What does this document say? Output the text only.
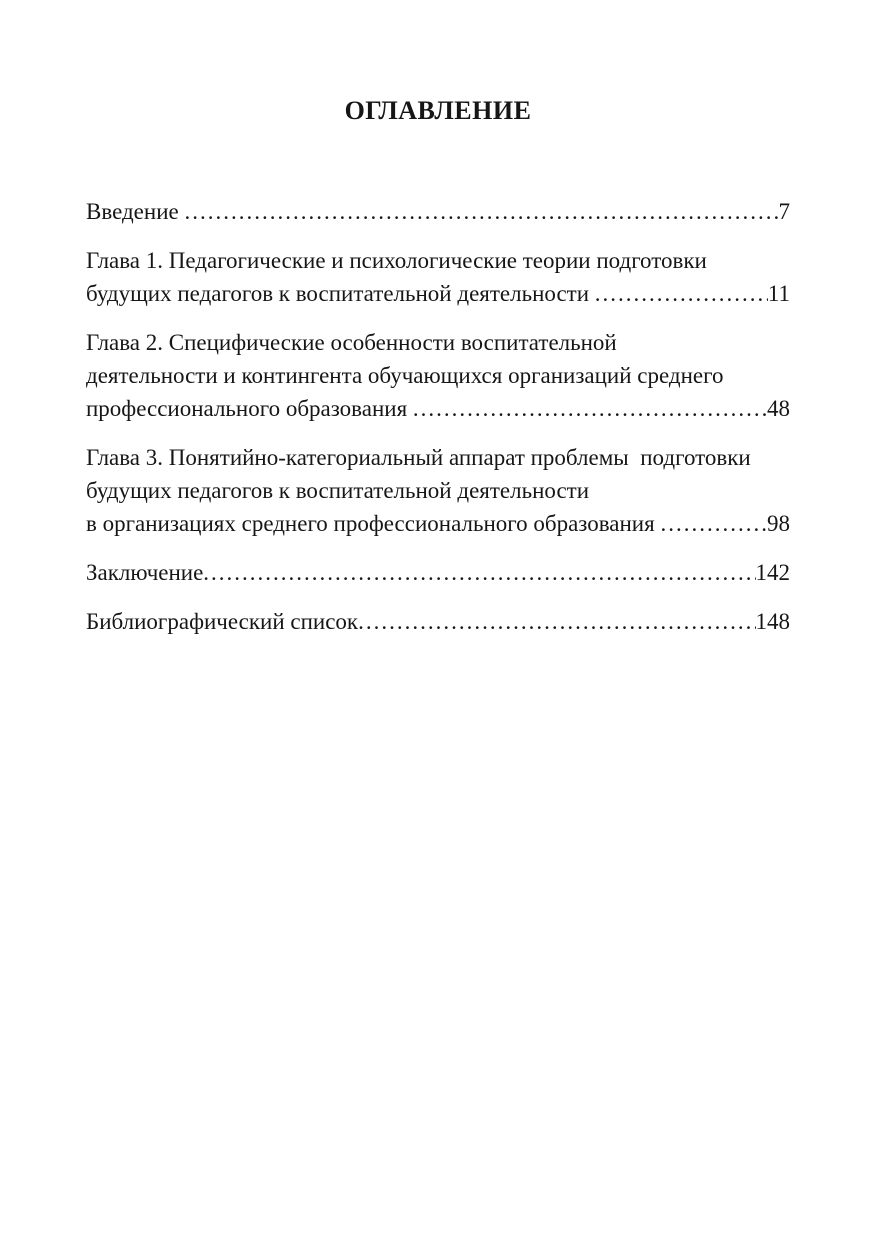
ОГЛАВЛЕНИЕ
Введение .....	7
Глава 1. Педагогические и психологические теории подготовки
будущих педагогов к воспитательной деятельности .....	11
Глава 2. Специфические особенности воспитательной
деятельности и контингента обучающихся организаций среднего
профессионального образования .....	48
Глава 3. Понятийно-категориальный аппарат проблемы  подготовки
будущих педагогов к воспитательной деятельности
в организациях среднего профессионального образования .....	98
Заключение .....	142
Библиографический список .....	148
